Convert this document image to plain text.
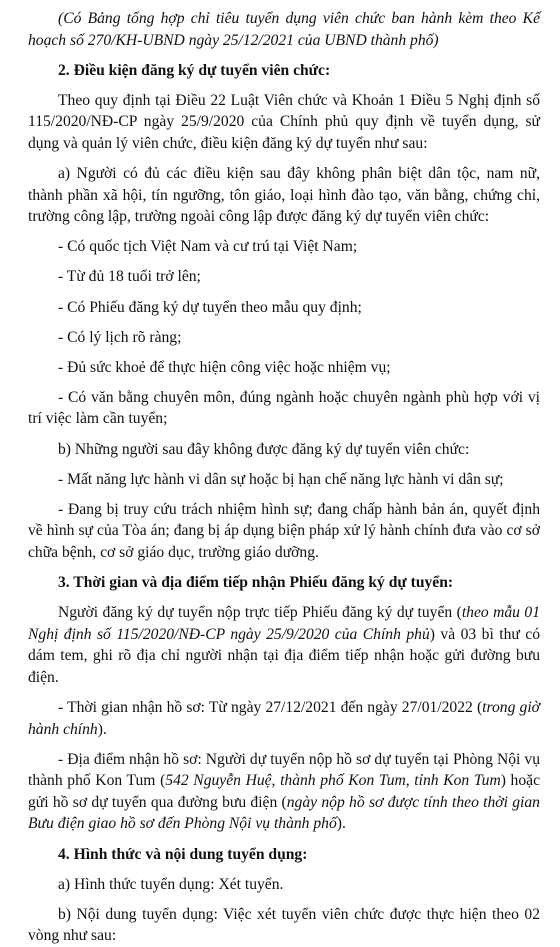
(Có Bảng tổng hợp chỉ tiêu tuyển dụng viên chức ban hành kèm theo Kế hoạch số 270/KH-UBND ngày 25/12/2021 của UBND thành phố)

2. Điều kiện đăng ký dự tuyển viên chức:

Theo quy định tại Điều 22 Luật Viên chức và Khoản 1 Điều 5 Nghị định số 115/2020/NĐ-CP ngày 25/9/2020 của Chính phủ quy định về tuyển dụng, sử dụng và quản lý viên chức, điều kiện đăng ký dự tuyển như sau:

a) Người có đủ các điều kiện sau đây không phân biệt dân tộc, nam nữ, thành phần xã hội, tín ngưỡng, tôn giáo, loại hình đào tạo, văn bằng, chứng chỉ, trường công lập, trường ngoài công lập được đăng ký dự tuyển viên chức:

- Có quốc tịch Việt Nam và cư trú tại Việt Nam;

- Từ đủ 18 tuổi trở lên;

- Có Phiếu đăng ký dự tuyển theo mẫu quy định;

- Có lý lịch rõ ràng;

- Đủ sức khoẻ để thực hiện công việc hoặc nhiệm vụ;

- Có văn bằng chuyên môn, đúng ngành hoặc chuyên ngành phù hợp với vị trí việc làm cần tuyển;

b) Những người sau đây không được đăng ký dự tuyển viên chức:

- Mất năng lực hành vi dân sự hoặc bị hạn chế năng lực hành vi dân sự;

- Đang bị truy cứu trách nhiệm hình sự; đang chấp hành bản án, quyết định về hình sự của Tòa án; đang bị áp dụng biện pháp xử lý hành chính đưa vào cơ sở chữa bệnh, cơ sở giáo dục, trường giáo dưỡng.

3. Thời gian và địa điểm tiếp nhận Phiếu đăng ký dự tuyển:

Người đăng ký dự tuyển nộp trực tiếp Phiếu đăng ký dự tuyển (theo mẫu 01 Nghị định số 115/2020/NĐ-CP ngày 25/9/2020 của Chính phủ) và 03 bì thư có dám tem, ghi rõ địa chỉ người nhận tại địa điểm tiếp nhận hoặc gửi đường bưu điện.

- Thời gian nhận hồ sơ: Từ ngày 27/12/2021 đến ngày 27/01/2022 (trong giờ hành chính).

- Địa điểm nhận hồ sơ: Người dự tuyển nộp hồ sơ dự tuyển tại Phòng Nội vụ thành phố Kon Tum (542 Nguyễn Huệ, thành phố Kon Tum, tỉnh Kon Tum) hoặc gửi hồ sơ dự tuyển qua đường bưu điện (ngày nộp hồ sơ được tính theo thời gian Bưu điện giao hồ sơ đến Phòng Nội vụ thành phố).

4. Hình thức và nội dung tuyển dụng:

a) Hình thức tuyển dụng: Xét tuyển.

b) Nội dung tuyển dụng: Việc xét tuyển viên chức được thực hiện theo 02 vòng như sau:
